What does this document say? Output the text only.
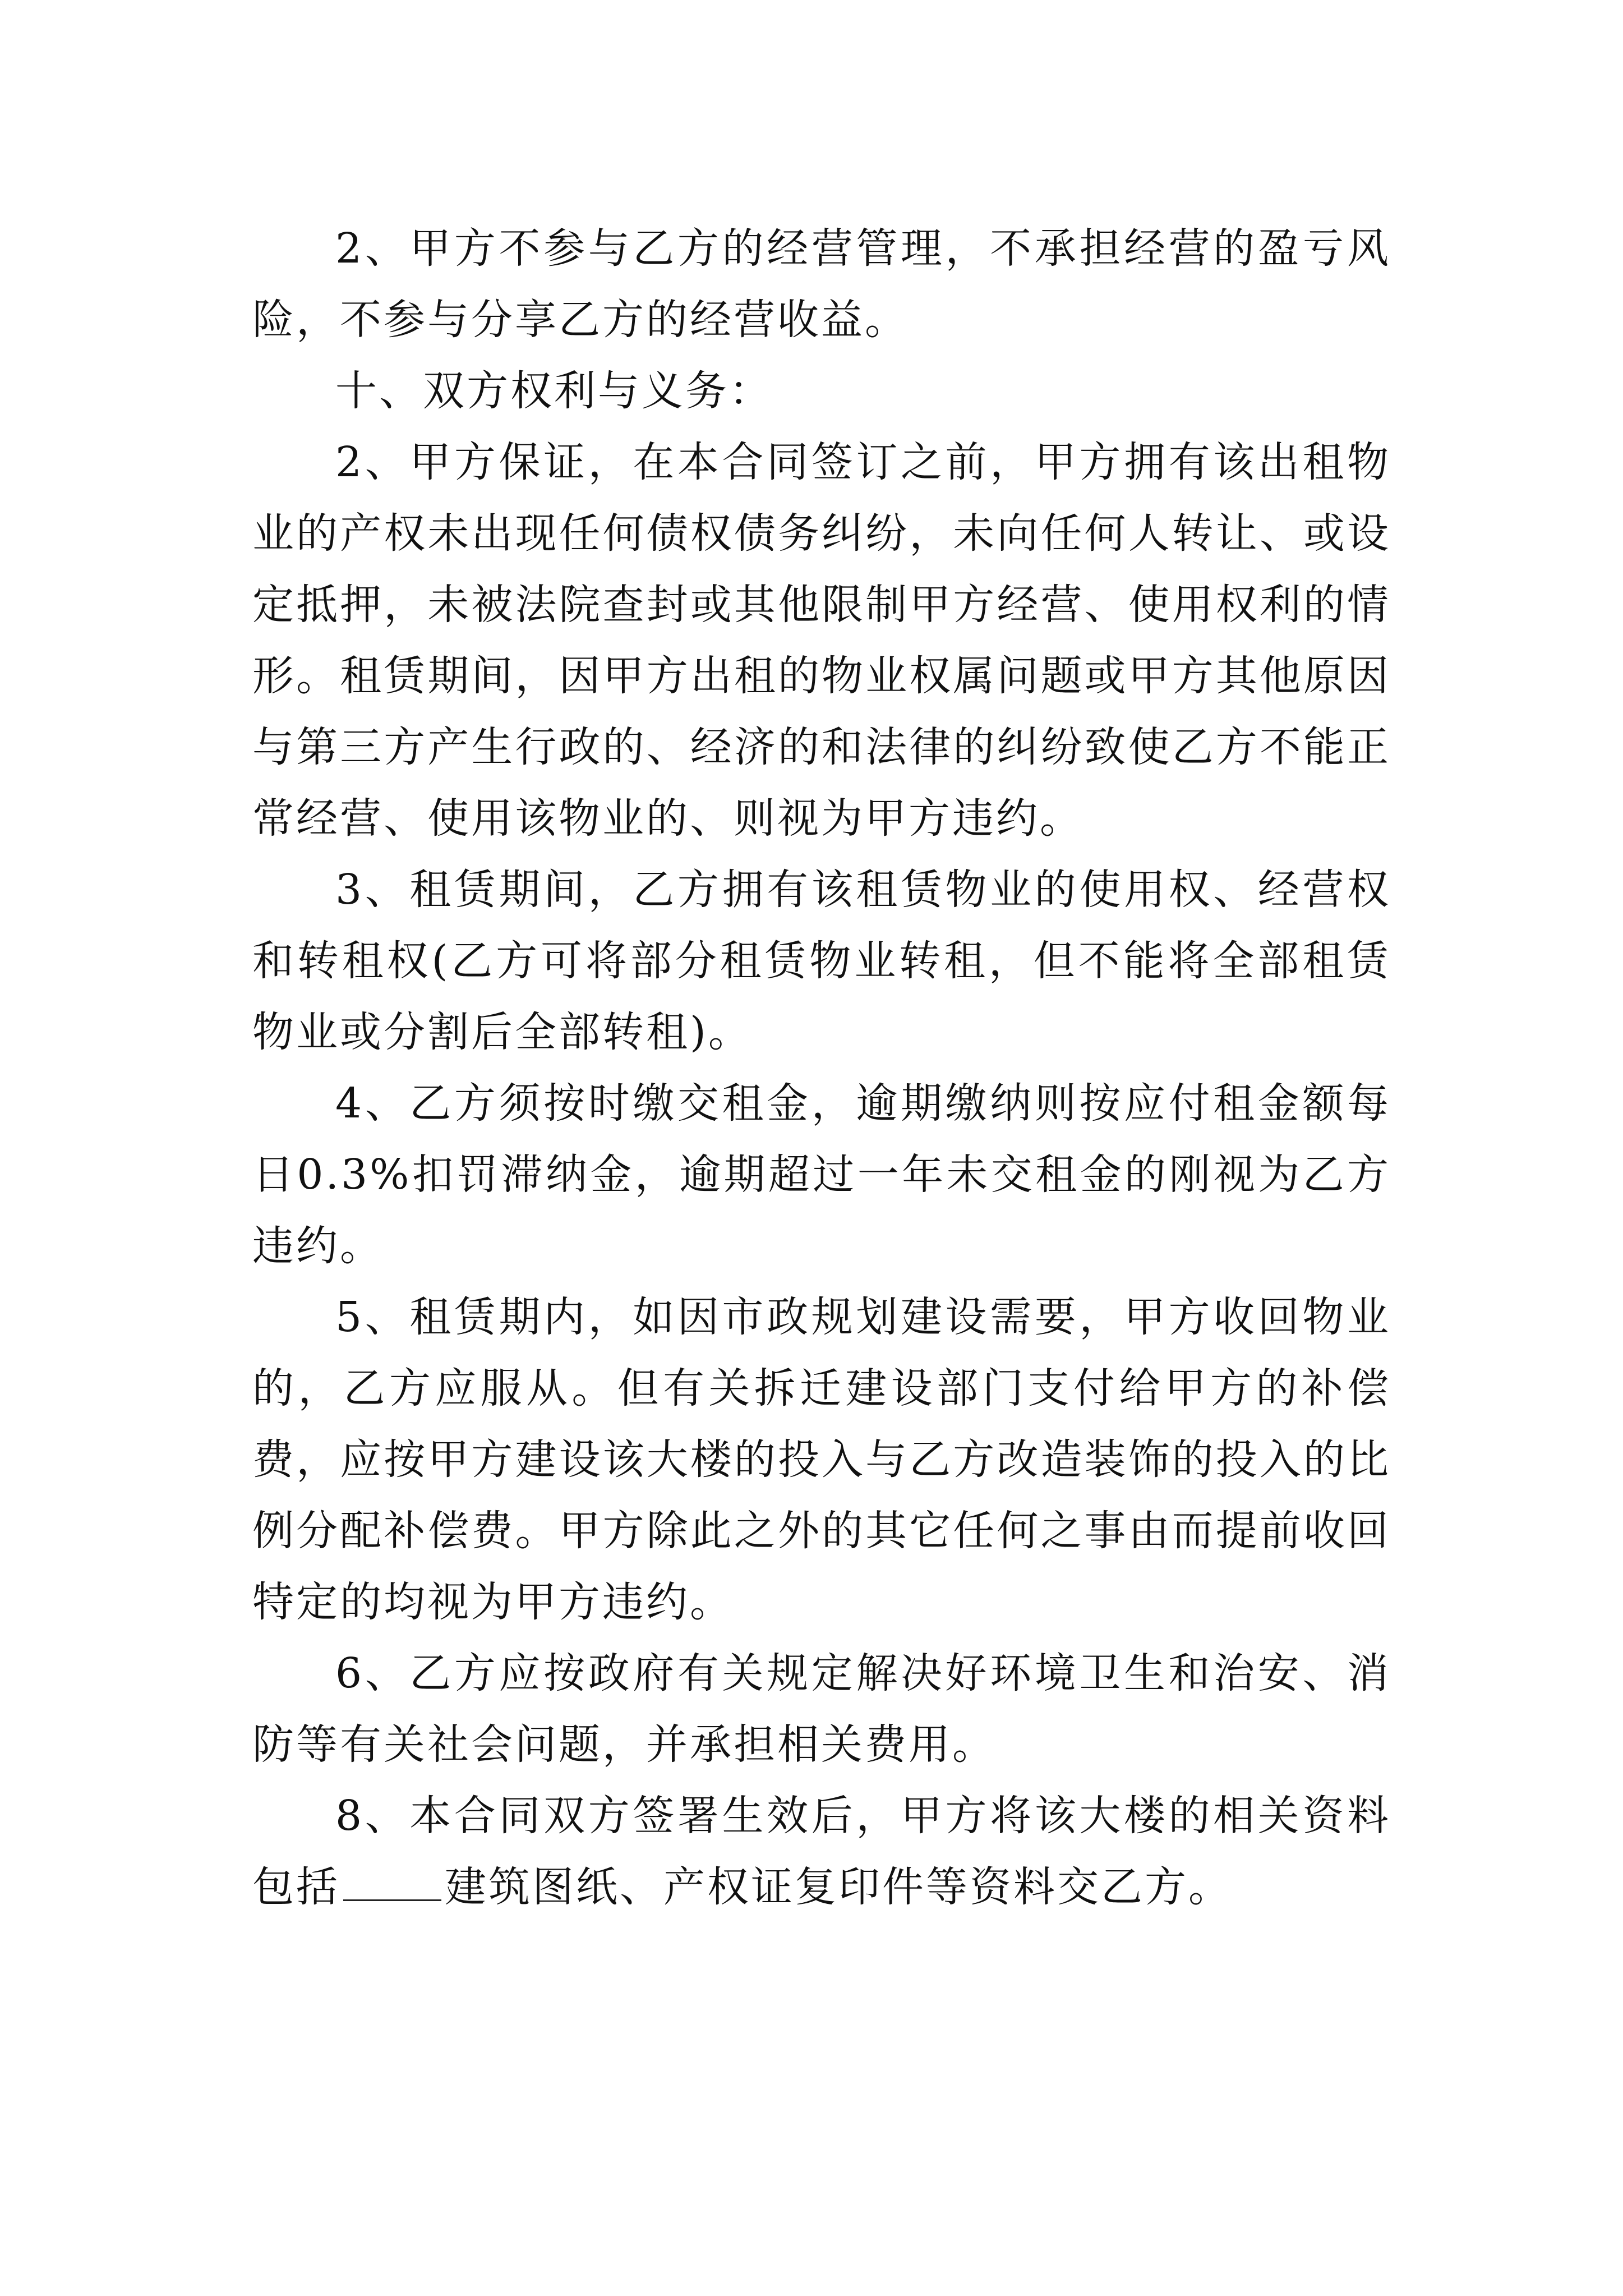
2、甲方不参与乙方的经营管理，不承担经营的盈亏风险，不参与分享乙方的经营收益。

十、双方权利与义务：

2、甲方保证，在本合同签订之前，甲方拥有该出租物业的产权未出现任何债权债务纠纷，未向任何人转让、或设定抵押，未被法院查封或其他限制甲方经营、使用权利的情形。租赁期间，因甲方出租的物业权属问题或甲方其他原因与第三方产生行政的、经济的和法律的纠纷致使乙方不能正常经营、使用该物业的、则视为甲方违约。

3、租赁期间，乙方拥有该租赁物业的使用权、经营权和转租权(乙方可将部分租赁物业转租，但不能将全部租赁物业或分割后全部转租)。

4、乙方须按时缴交租金，逾期缴纳则按应付租金额每日0.3%扣罚滞纳金，逾期超过一年未交租金的刚视为乙方违约。

5、租赁期内，如因市政规划建设需要，甲方收回物业的，乙方应服从。但有关拆迁建设部门支付给甲方的补偿费，应按甲方建设该大楼的投入与乙方改造装饰的投入的比例分配补偿费。甲方除此之外的其它任何之事由而提前收回特定的均视为甲方违约。

6、乙方应按政府有关规定解决好环境卫生和治安、消防等有关社会问题，并承担相关费用。

8、本合同双方签署生效后，甲方将该大楼的相关资料包括	建筑图纸、产权证复印件等资料交乙方。
